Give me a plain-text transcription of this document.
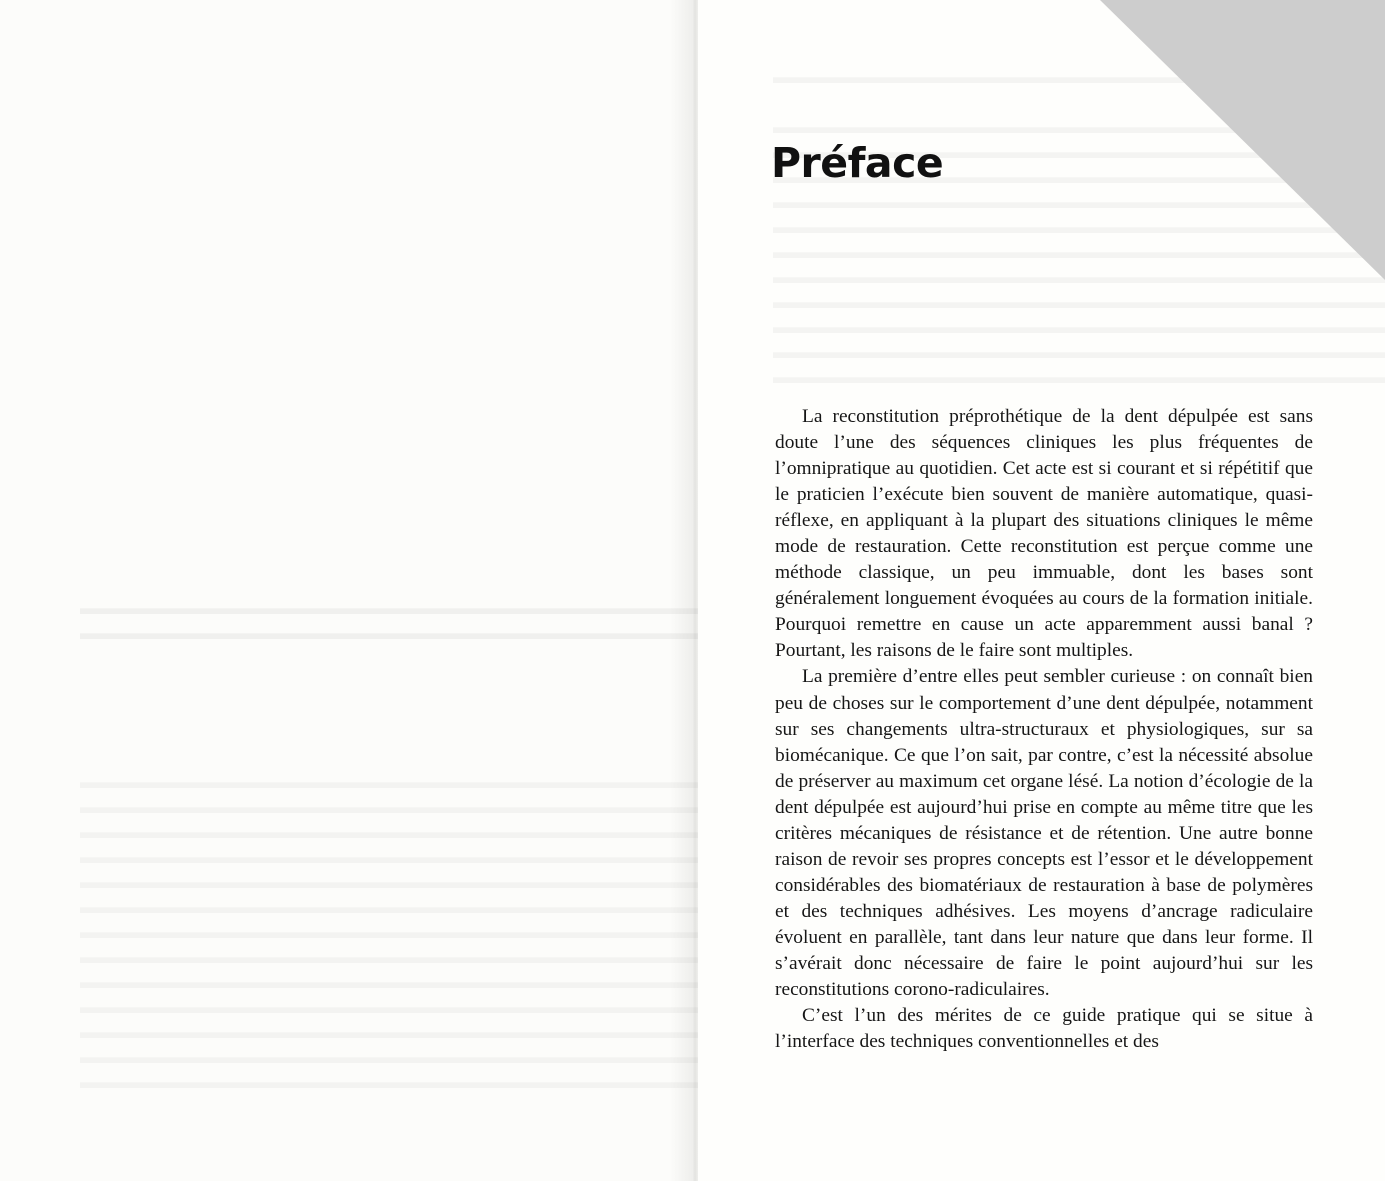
Préface

La reconstitution préprothétique de la dent dépulpée est sans doute l’une des séquences cliniques les plus fréquentes de l’omnipratique au quotidien. Cet acte est si courant et si répétitif que le praticien l’exécute bien souvent de manière automatique, quasi-réflexe, en appliquant à la plupart des situations cliniques le même mode de restauration. Cette reconstitution est perçue comme une méthode classique, un peu immuable, dont les bases sont généralement longuement évoquées au cours de la formation initiale. Pourquoi remettre en cause un acte apparemment aussi banal ? Pourtant, les raisons de le faire sont multiples.

La première d’entre elles peut sembler curieuse : on connaît bien peu de choses sur le comportement d’une dent dépulpée, notamment sur ses changements ultra-structuraux et physiologiques, sur sa biomécanique. Ce que l’on sait, par contre, c’est la nécessité absolue de préserver au maximum cet organe lésé. La notion d’écologie de la dent dépulpée est aujourd’hui prise en compte au même titre que les critères mécaniques de résistance et de rétention. Une autre bonne raison de revoir ses propres concepts est l’essor et le développement considérables des biomatériaux de restauration à base de polymères et des techniques adhésives. Les moyens d’ancrage radiculaire évoluent en parallèle, tant dans leur nature que dans leur forme. Il s’avérait donc nécessaire de faire le point aujourd’hui sur les reconstitutions corono-radiculaires.

C’est l’un des mérites de ce guide pratique qui se situe à l’interface des techniques conventionnelles et des
